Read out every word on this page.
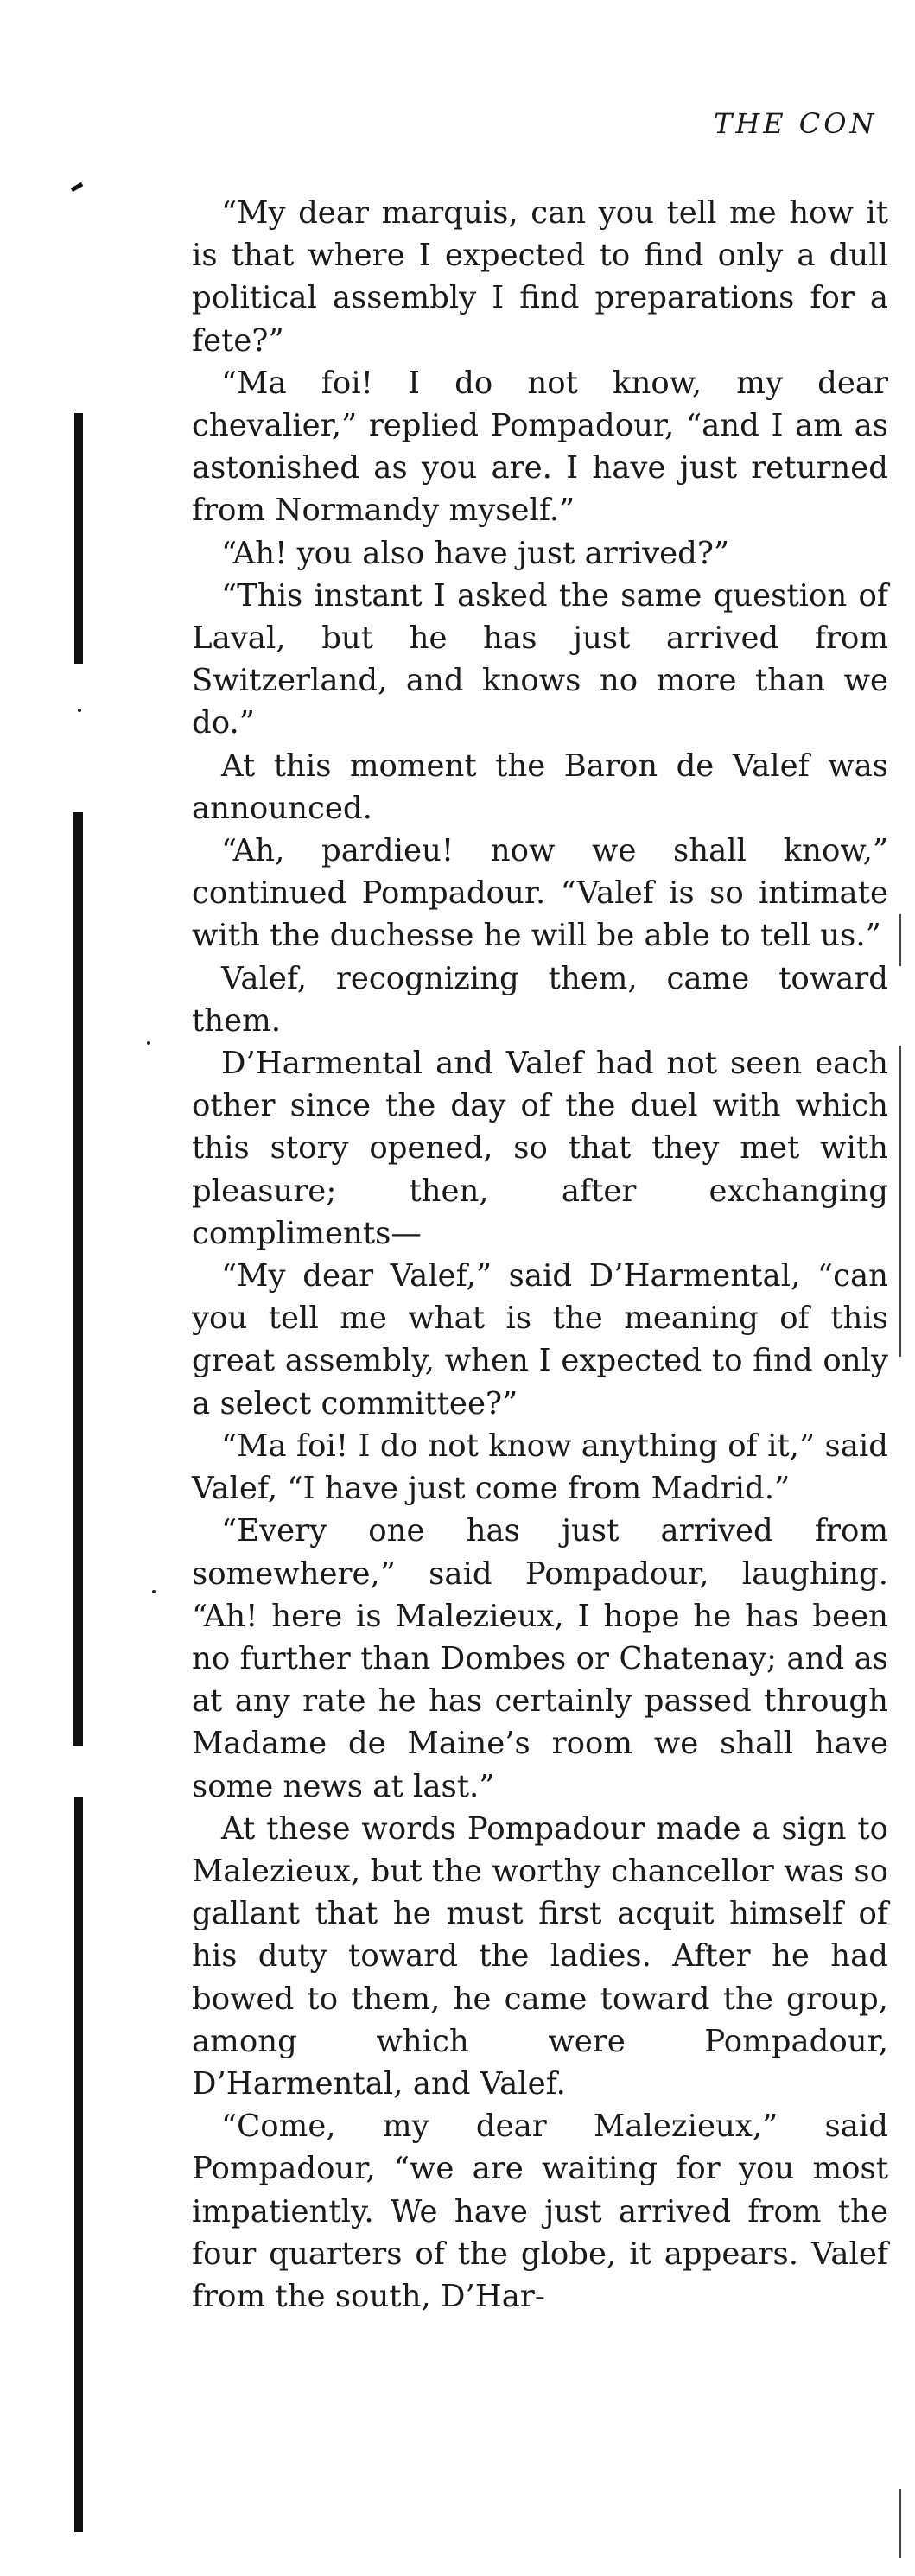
THE CON

“My dear marquis, can you tell me how it is that where I expected to find only a dull political assembly I find preparations for a fete?”

“Ma foi! I do not know, my dear chevalier,” replied Pompadour, “and I am as astonished as you are. I have just returned from Normandy myself.”

“Ah! you also have just arrived?”

“This instant I asked the same question of Laval, but he has just arrived from Switzerland, and knows no more than we do.”

At this moment the Baron de Valef was announced.

“Ah, pardieu! now we shall know,” continued Pompadour. “Valef is so intimate with the duchesse he will be able to tell us.”

Valef, recognizing them, came toward them.

D’Harmental and Valef had not seen each other since the day of the duel with which this story opened, so that they met with pleasure; then, after exchanging compliments—

“My dear Valef,” said D’Harmental, “can you tell me what is the meaning of this great assembly, when I expected to find only a select committee?”

“Ma foi! I do not know anything of it,” said Valef, “I have just come from Madrid.”

“Every one has just arrived from somewhere,” said Pompadour, laughing. “Ah! here is Malezieux, I hope he has been no further than Dombes or Chatenay; and as at any rate he has certainly passed through Madame de Maine’s room we shall have some news at last.”

At these words Pompadour made a sign to Malezieux, but the worthy chancellor was so gallant that he must first acquit himself of his duty toward the ladies. After he had bowed to them, he came toward the group, among which were Pompadour, D’Harmental, and Valef.

“Come, my dear Malezieux,” said Pompadour, “we are waiting for you most impatiently. We have just arrived from the four quarters of the globe, it appears. Valef from the south, D’Har-
